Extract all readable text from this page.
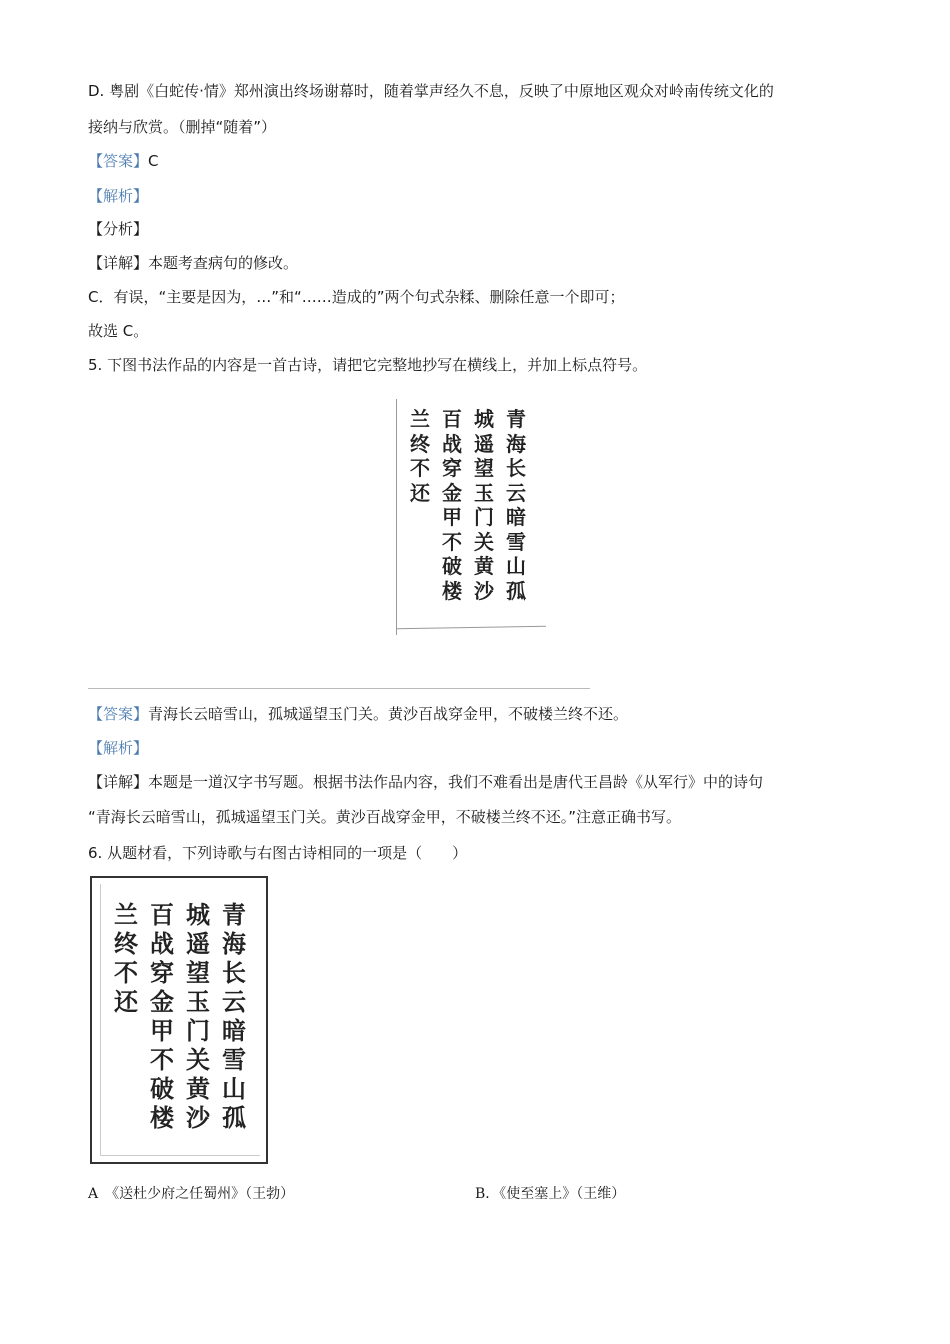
D. 粤剧《白蛇传·情》郑州演出终场谢幕时，随着掌声经久不息，反映了中原地区观众对岭南传统文化的
接纳与欣赏。（删掉“随着”）
【答案】C
【解析】
【分析】
【详解】本题考查病句的修改。
C．有误，“主要是因为，…”和“……造成的”两个句式杂糅、删除任意一个即可；
故选 C。
5. 下图书法作品的内容是一首古诗，请把它完整地抄写在横线上，并加上标点符号。
青
海
长
云
暗
雪
山
孤
城
遥
望
玉
门
关
黄
沙
百
战
穿
金
甲
不
破
楼
兰
终
不
还
【答案】青海长云暗雪山，孤城遥望玉门关。黄沙百战穿金甲，不破楼兰终不还。
【解析】
【详解】本题是一道汉字书写题。根据书法作品内容，我们不难看出是唐代王昌龄《从军行》中的诗句
“青海长云暗雪山，孤城遥望玉门关。黄沙百战穿金甲，不破楼兰终不还。”注意正确书写。
6. 从题材看，下列诗歌与右图古诗相同的一项是（　　）
青
海
长
云
暗
雪
山
孤
城
遥
望
玉
门
关
黄
沙
百
战
穿
金
甲
不
破
楼
兰
终
不
还
A　《送杜少府之任蜀州》（王勃）	B．《使至塞上》（王维）
